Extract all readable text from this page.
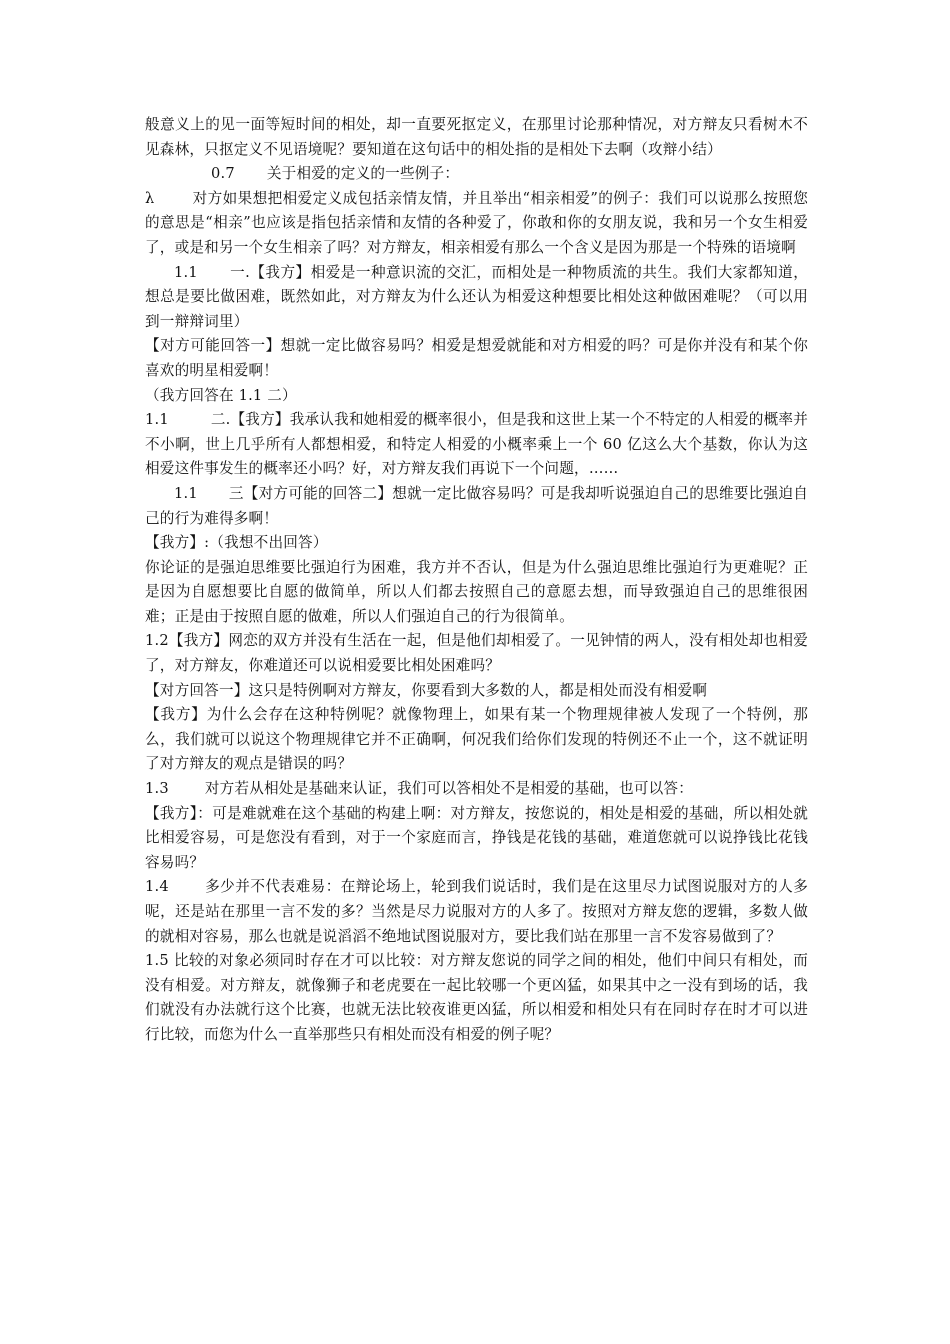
般意义上的见一面等短时间的相处，却一直要死抠定义，在那里讨论那种情况，对方辩友只看树木不见森林，只抠定义不见语境呢？要知道在这句话中的相处指的是相处下去啊（攻辩小结）

0.7 关于相爱的定义的一些例子：

λ	对方如果想把相爱定义成包括亲情友情，并且举出“相亲相爱”的例子：我们可以说那么按照您的意思是“相亲”也应该是指包括亲情和友情的各种爱了，你敢和你的女朋友说，我和另一个女生相爱了，或是和另一个女生相亲了吗？对方辩友，相亲相爱有那么一个含义是因为那是一个特殊的语境啊

1.1 一.【我方】相爱是一种意识流的交汇，而相处是一种物质流的共生。我们大家都知道，想总是要比做困难，既然如此，对方辩友为什么还认为相爱这种想要比相处这种做困难呢？（可以用到一辩辩词里）

【对方可能回答一】想就一定比做容易吗？相爱是想爱就能和对方相爱的吗？可是你并没有和某个你喜欢的明星相爱啊！

（我方回答在 1.1 二）

1.1	二.【我方】我承认我和她相爱的概率很小，但是我和这世上某一个不特定的人相爱的概率并不小啊，世上几乎所有人都想相爱，和特定人相爱的小概率乘上一个 60 亿这么大个基数，你认为这相爱这件事发生的概率还小吗？好，对方辩友我们再说下一个问题，……

1.1 三【对方可能的回答二】想就一定比做容易吗？可是我却听说强迫自己的思维要比强迫自己的行为难得多啊！

【我方】:（我想不出回答）

你论证的是强迫思维要比强迫行为困难，我方并不否认，但是为什么强迫思维比强迫行为更难呢？正是因为自愿想要比自愿的做简单，所以人们都去按照自己的意愿去想，而导致强迫自己的思维很困难；正是由于按照自愿的做难，所以人们强迫自己的行为很简单。

1.2【我方】网恋的双方并没有生活在一起，但是他们却相爱了。一见钟情的两人，没有相处却也相爱了，对方辩友，你难道还可以说相爱要比相处困难吗？

【对方回答一】这只是特例啊对方辩友，你要看到大多数的人，都是相处而没有相爱啊

【我方】为什么会存在这种特例呢？就像物理上，如果有某一个物理规律被人发现了一个特例，那么，我们就可以说这个物理规律它并不正确啊，何况我们给你们发现的特例还不止一个，这不就证明了对方辩友的观点是错误的吗？

1.3 对方若从相处是基础来认证，我们可以答相处不是相爱的基础，也可以答：

【我方】：可是难就难在这个基础的构建上啊：对方辩友，按您说的，相处是相爱的基础，所以相处就比相爱容易，可是您没有看到，对于一个家庭而言，挣钱是花钱的基础，难道您就可以说挣钱比花钱容易吗？

1.4 多少并不代表难易：在辩论场上，轮到我们说话时，我们是在这里尽力试图说服对方的人多呢，还是站在那里一言不发的多？当然是尽力说服对方的人多了。按照对方辩友您的逻辑，多数人做的就相对容易，那么也就是说滔滔不绝地试图说服对方，要比我们站在那里一言不发容易做到了？

1.5 比较的对象必须同时存在才可以比较：对方辩友您说的同学之间的相处，他们中间只有相处，而没有相爱。对方辩友，就像狮子和老虎要在一起比较哪一个更凶猛，如果其中之一没有到场的话，我们就没有办法就行这个比赛，也就无法比较夜谁更凶猛，所以相爱和相处只有在同时存在时才可以进行比较，而您为什么一直举那些只有相处而没有相爱的例子呢？
